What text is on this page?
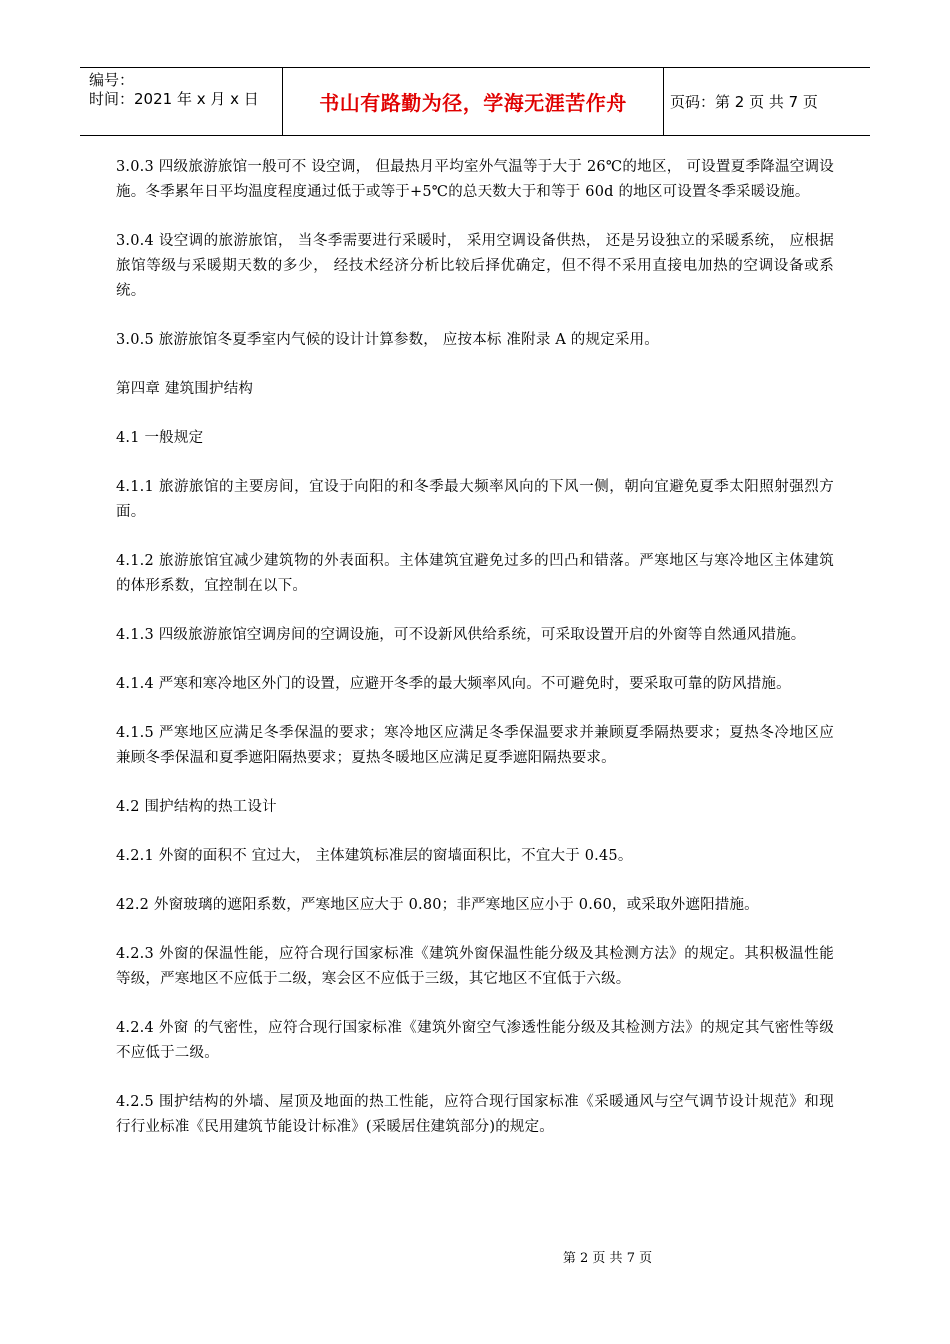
编号：
时间：2021 年 x 月 x 日	书山有路勤为径，学海无涯苦作舟	页码：第 2 页 共 7 页

3.0.3 四级旅游旅馆一般可不 设空调， 但最热月平均室外气温等于大于 26℃的地区， 可设置夏季降温空调设施。冬季累年日平均温度程度通过低于或等于+5℃的总天数大于和等于 60d 的地区可设置冬季采暖设施。

3.0.4 设空调的旅游旅馆， 当冬季需要进行采暖时， 采用空调设备供热， 还是另设独立的采暖系统， 应根据旅馆等级与采暖期天数的多少， 经技术经济分析比较后择优确定，但不得不采用直接电加热的空调设备或系统。

3.0.5 旅游旅馆冬夏季室内气候的设计计算参数， 应按本标 准附录 A 的规定采用。

第四章 建筑围护结构

4.1 一般规定

4.1.1 旅游旅馆的主要房间，宜设于向阳的和冬季最大频率风向的下风一侧，朝向宜避免夏季太阳照射强烈方面。

4.1.2 旅游旅馆宜减少建筑物的外表面积。主体建筑宜避免过多的凹凸和错落。严寒地区与寒冷地区主体建筑的体形系数，宜控制在以下。

4.1.3 四级旅游旅馆空调房间的空调设施，可不设新风供给系统，可采取设置开启的外窗等自然通风措施。

4.1.4 严寒和寒冷地区外门的设置，应避开冬季的最大频率风向。不可避免时，要采取可靠的防风措施。

4.1.5 严寒地区应满足冬季保温的要求；寒冷地区应满足冬季保温要求并兼顾夏季隔热要求；夏热冬冷地区应兼顾冬季保温和夏季遮阳隔热要求；夏热冬暖地区应满足夏季遮阳隔热要求。

4.2 围护结构的热工设计

4.2.1 外窗的面积不 宜过大， 主体建筑标准层的窗墙面积比，不宜大于 0.45。

42.2 外窗玻璃的遮阳系数，严寒地区应大于 0.80；非严寒地区应小于 0.60，或采取外遮阳措施。

4.2.3 外窗的保温性能，应符合现行国家标准《建筑外窗保温性能分级及其检测方法》的规定。其积极温性能等级，严寒地区不应低于二级，寒会区不应低于三级，其它地区不宜低于六级。

4.2.4 外窗 的气密性，应符合现行国家标准《建筑外窗空气渗透性能分级及其检测方法》的规定其气密性等级不应低于二级。

4.2.5 围护结构的外墙、屋顶及地面的热工性能，应符合现行国家标准《采暖通风与空气调节设计规范》和现行行业标准《民用建筑节能设计标准》(采暖居住建筑部分)的规定。

第 2 页 共 7 页
